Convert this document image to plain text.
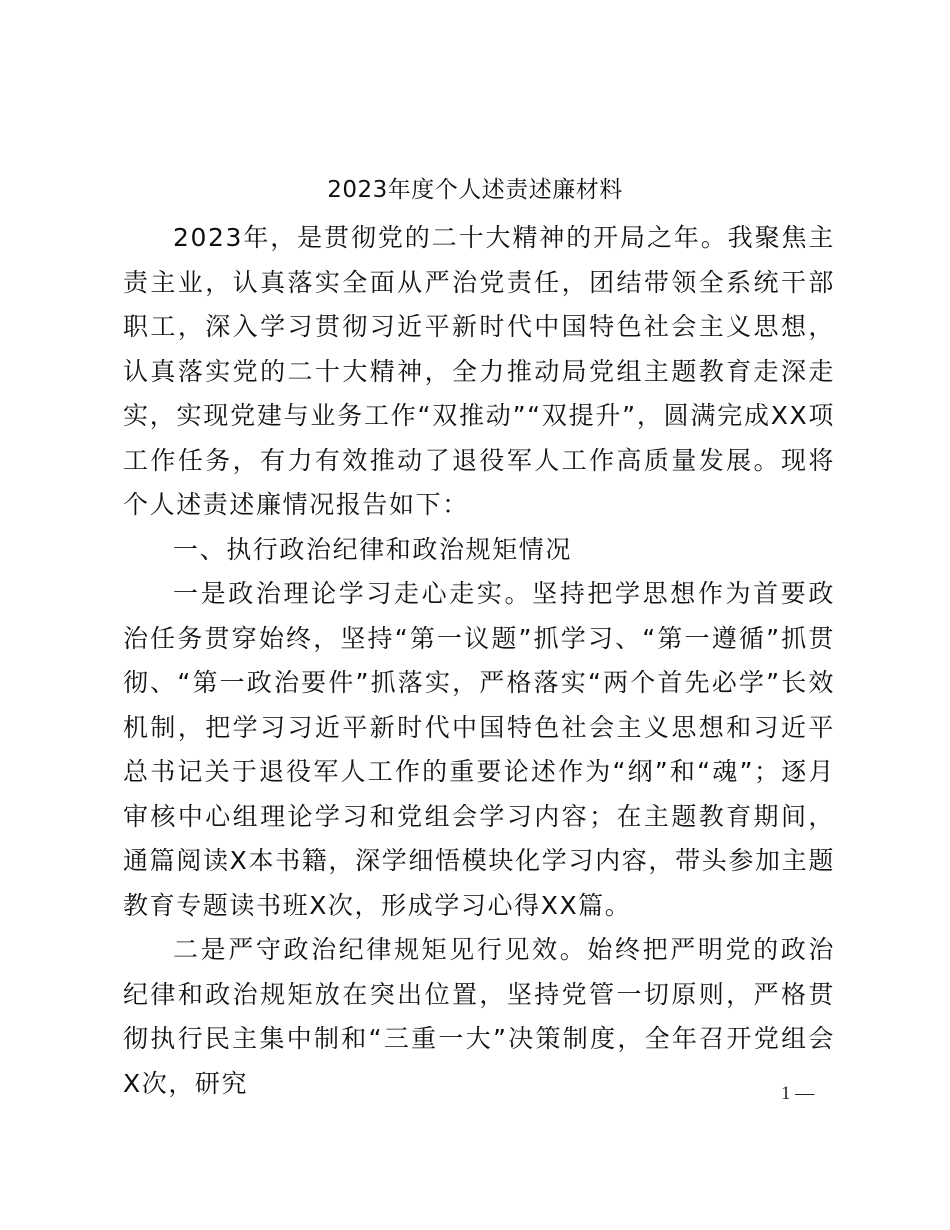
2023年度个人述责述廉材料

2023年，是贯彻党的二十大精神的开局之年。我聚焦主责主业，认真落实全面从严治党责任，团结带领全系统干部职工，深入学习贯彻习近平新时代中国特色社会主义思想，认真落实党的二十大精神，全力推动局党组主题教育走深走实，实现党建与业务工作“双推动”“双提升”，圆满完成XX项工作任务，有力有效推动了退役军人工作高质量发展。现将个人述责述廉情况报告如下：

一、执行政治纪律和政治规矩情况

一是政治理论学习走心走实。坚持把学思想作为首要政治任务贯穿始终，坚持“第一议题”抓学习、“第一遵循”抓贯彻、“第一政治要件”抓落实，严格落实“两个首先必学”长效机制，把学习习近平新时代中国特色社会主义思想和习近平总书记关于退役军人工作的重要论述作为“纲”和“魂”；逐月审核中心组理论学习和党组会学习内容；在主题教育期间，通篇阅读X本书籍，深学细悟模块化学习内容，带头参加主题教育专题读书班X次，形成学习心得XX篇。

二是严守政治纪律规矩见行见效。始终把严明党的政治纪律和政治规矩放在突出位置，坚持党管一切原则，严格贯彻执行民主集中制和“三重一大”决策制度，全年召开党组会X次，研究	1 —
